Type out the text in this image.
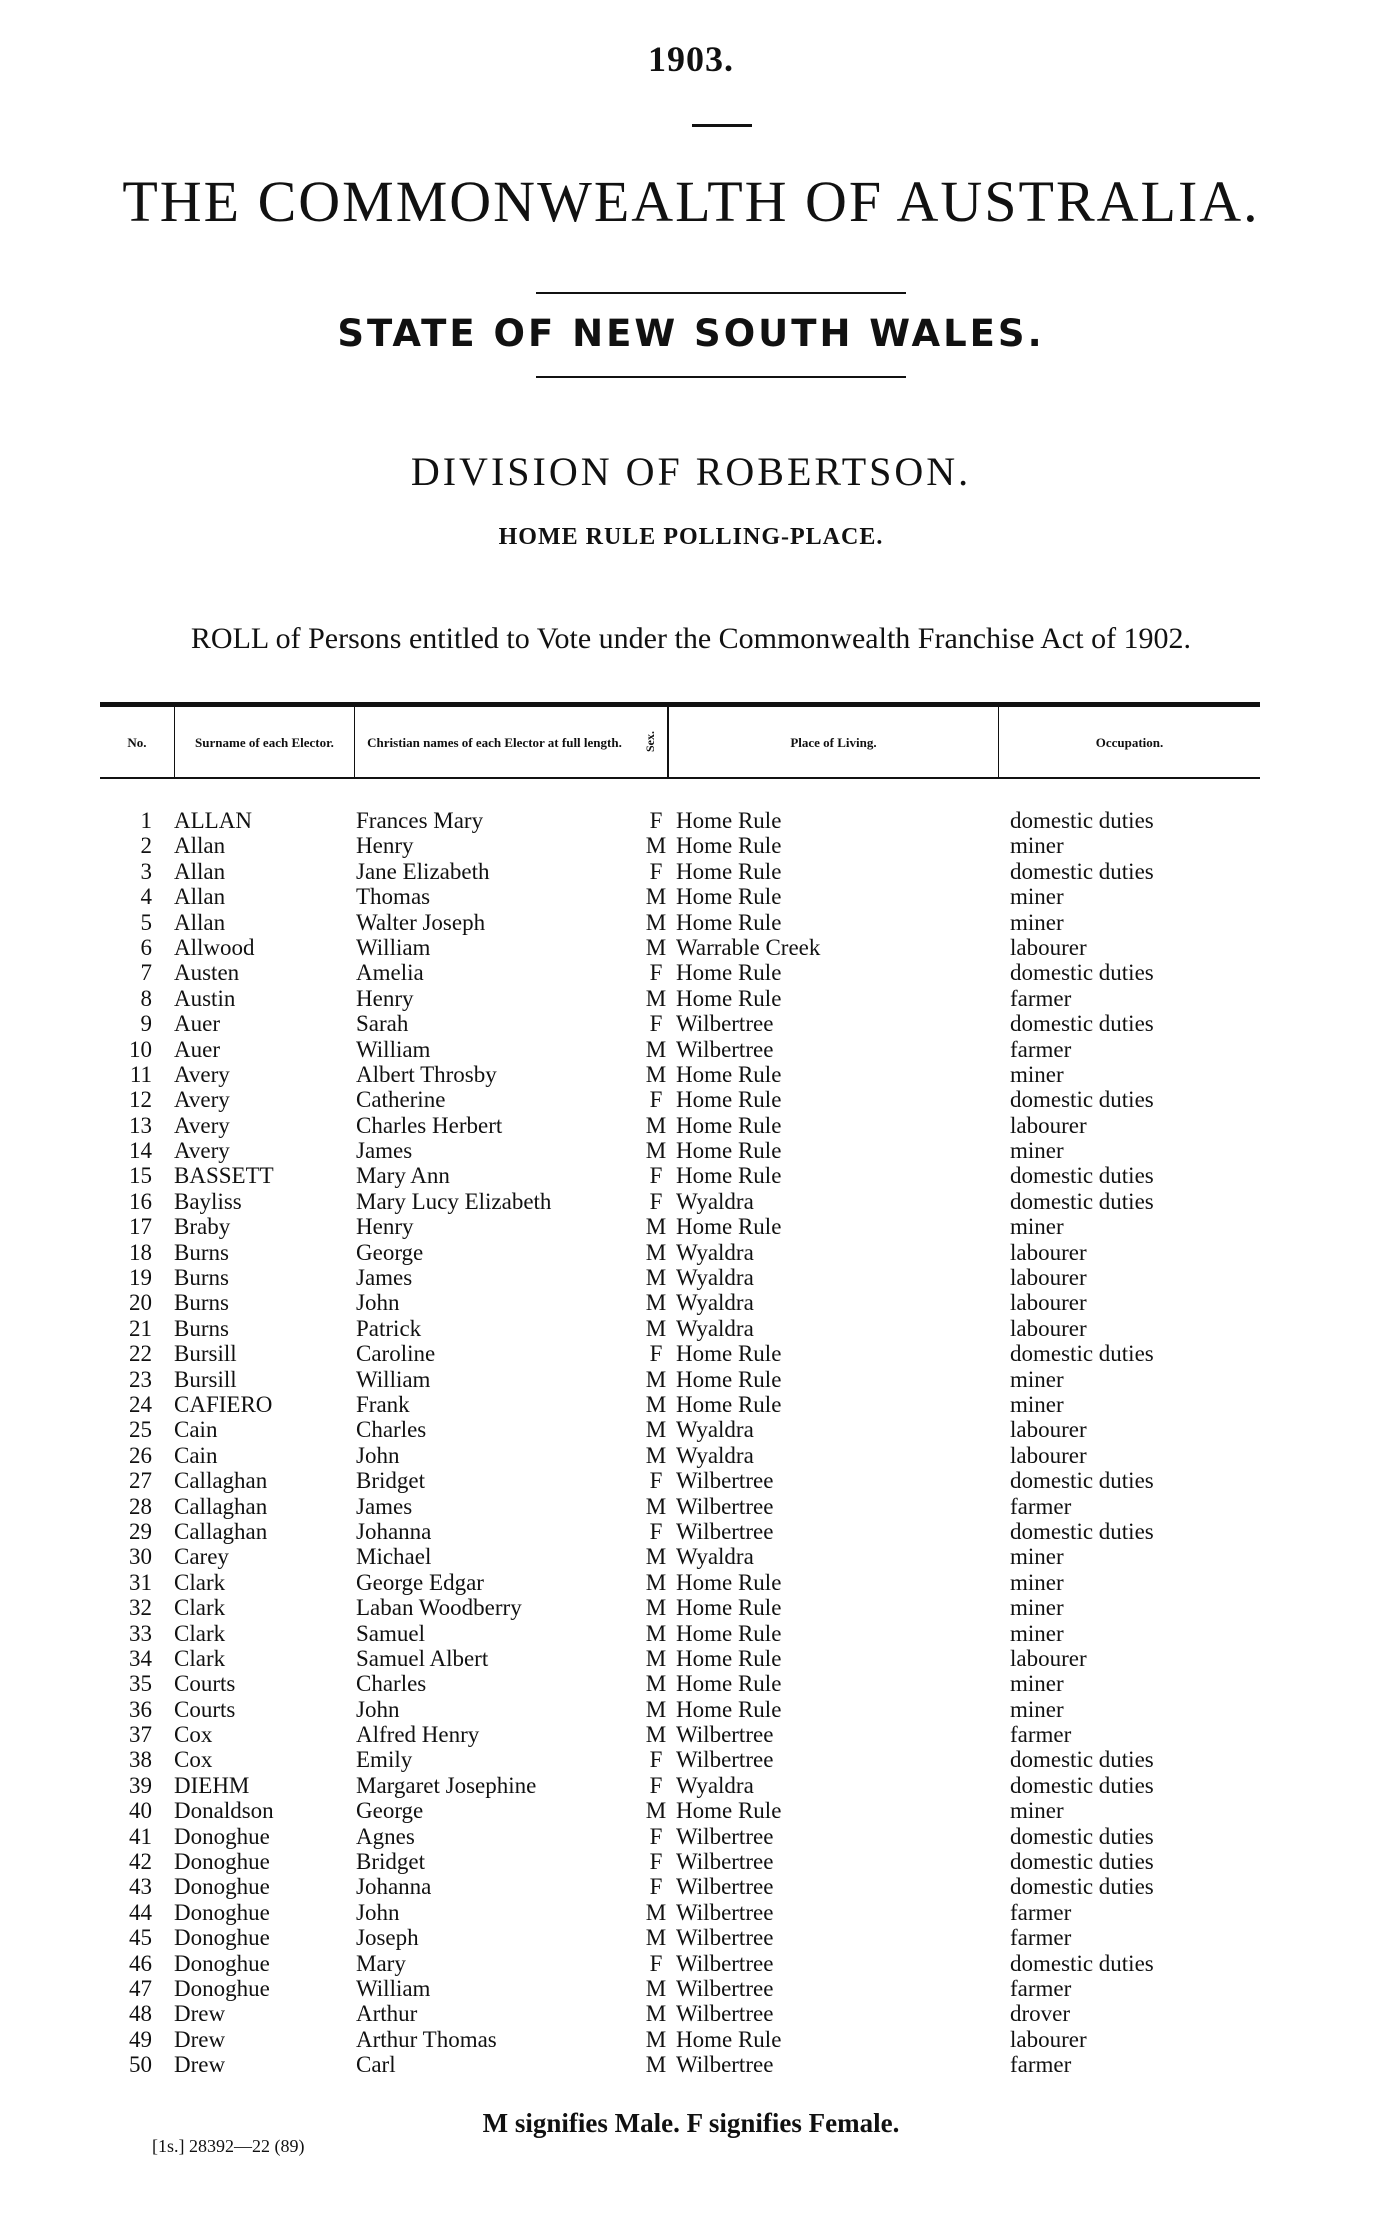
1903.
THE COMMONWEALTH OF AUSTRALIA.
STATE OF NEW SOUTH WALES.
DIVISION OF ROBERTSON.
HOME RULE POLLING-PLACE.
ROLL of Persons entitled to Vote under the Commonwealth Franchise Act of 1902.
No.	Surname of each Elector.	Christian names of each Elector at full length.	Sex.	Place of Living.	Occupation.
1 ALLAN	Frances Mary	F Home Rule	domestic duties
2 Allan	Henry	M Home Rule	miner
3 Allan	Jane Elizabeth	F Home Rule	domestic duties
4 Allan	Thomas	M Home Rule	miner
5 Allan	Walter Joseph	M Home Rule	miner
6 Allwood	William	M Warrable Creek	labourer
7 Austen	Amelia	F Home Rule	domestic duties
8 Austin	Henry	M Home Rule	farmer
9 Auer	Sarah	F Wilbertree	domestic duties
10 Auer	William	M Wilbertree	farmer
11 Avery	Albert Throsby	M Home Rule	miner
12 Avery	Catherine	F Home Rule	domestic duties
13 Avery	Charles Herbert	M Home Rule	labourer
14 Avery	James	M Home Rule	miner
15 BASSETT	Mary Ann	F Home Rule	domestic duties
16 Bayliss	Mary Lucy Elizabeth	F Wyaldra	domestic duties
17 Braby	Henry	M Home Rule	miner
18 Burns	George	M Wyaldra	labourer
19 Burns	James	M Wyaldra	labourer
20 Burns	John	M Wyaldra	labourer
21 Burns	Patrick	M Wyaldra	labourer
22 Bursill	Caroline	F Home Rule	domestic duties
23 Bursill	William	M Home Rule	miner
24 CAFIERO	Frank	M Home Rule	miner
25 Cain	Charles	M Wyaldra	labourer
26 Cain	John	M Wyaldra	labourer
27 Callaghan	Bridget	F Wilbertree	domestic duties
28 Callaghan	James	M Wilbertree	farmer
29 Callaghan	Johanna	F Wilbertree	domestic duties
30 Carey	Michael	M Wyaldra	miner
31 Clark	George Edgar	M Home Rule	miner
32 Clark	Laban Woodberry	M Home Rule	miner
33 Clark	Samuel	M Home Rule	miner
34 Clark	Samuel Albert	M Home Rule	labourer
35 Courts	Charles	M Home Rule	miner
36 Courts	John	M Home Rule	miner
37 Cox	Alfred Henry	M Wilbertree	farmer
38 Cox	Emily	F Wilbertree	domestic duties
39 DIEHM	Margaret Josephine	F Wyaldra	domestic duties
40 Donaldson	George	M Home Rule	miner
41 Donoghue	Agnes	F Wilbertree	domestic duties
42 Donoghue	Bridget	F Wilbertree	domestic duties
43 Donoghue	Johanna	F Wilbertree	domestic duties
44 Donoghue	John	M Wilbertree	farmer
45 Donoghue	Joseph	M Wilbertree	farmer
46 Donoghue	Mary	F Wilbertree	domestic duties
47 Donoghue	William	M Wilbertree	farmer
48 Drew	Arthur	M Wilbertree	drover
49 Drew	Arthur Thomas	M Home Rule	labourer
50 Drew	Carl	M Wilbertree	farmer
M signifies Male. F signifies Female.
[1s.] 28392—22 (89)
